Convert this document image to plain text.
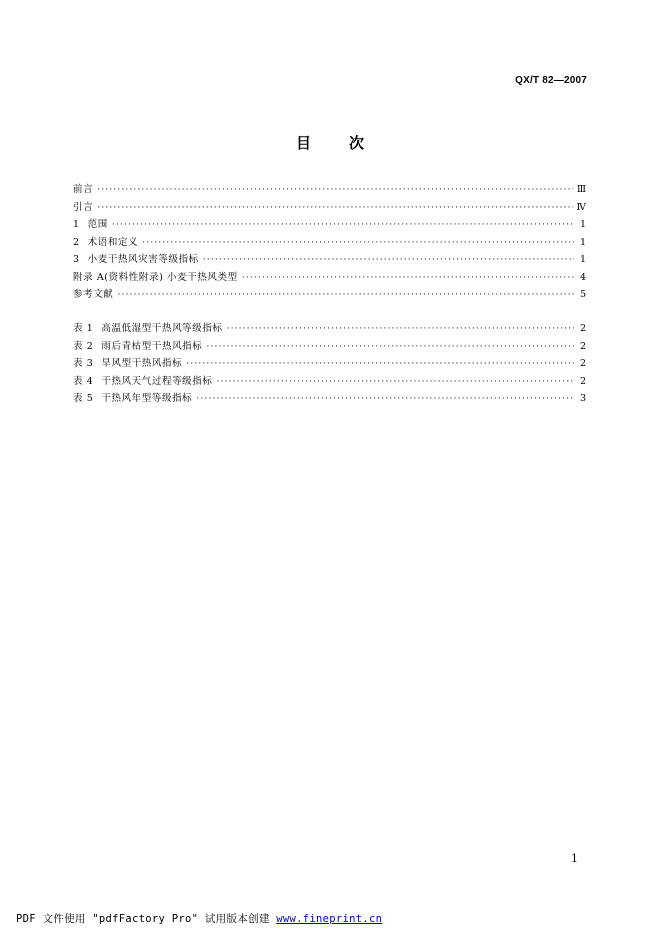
QX/T 82—2007
目 次
前言 ·····	Ⅲ
引言 ·····	Ⅳ
1 范围 ·····	1
2 术语和定义 ·····	1
3 小麦干热风灾害等级指标 ·····	1
附录 A(资料性附录) 小麦干热风类型 ·····	4
参考文献 ·····	5
表 1 高温低湿型干热风等级指标 ·····	2
表 2 雨后青枯型干热风指标 ·····	2
表 3 旱风型干热风指标 ·····	2
表 4 干热风天气过程等级指标 ·····	2
表 5 干热风年型等级指标 ·····	3
1
PDF 文件使用 "pdfFactory Pro" 试用版本创建 www.fineprint.cn
